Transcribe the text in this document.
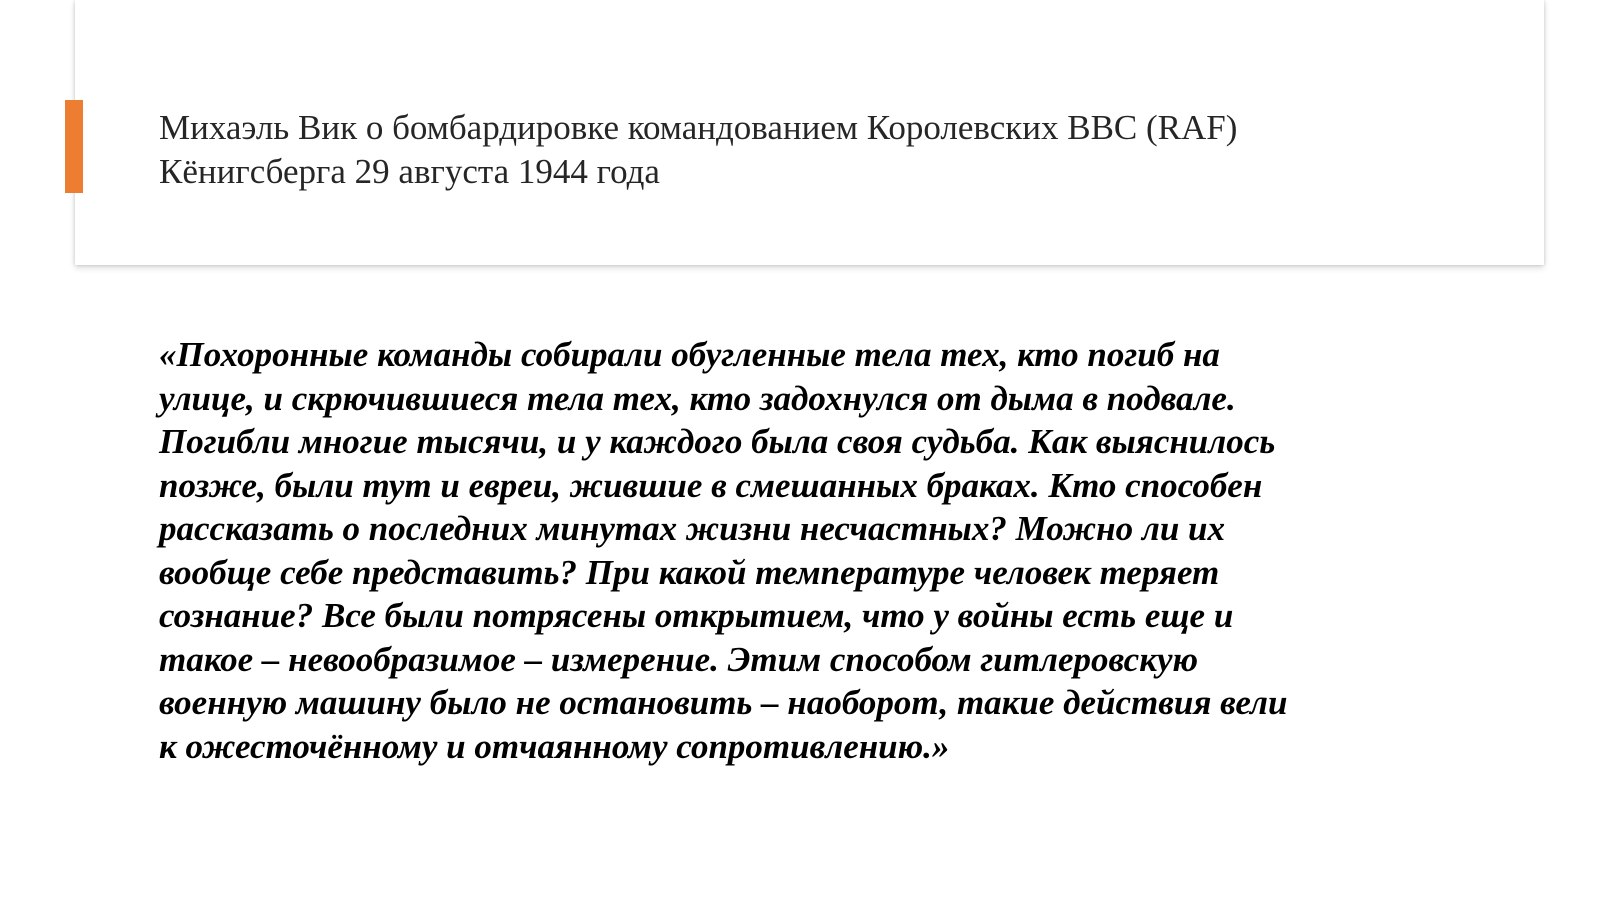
Михаэль Вик о бомбардировке командованием Королевских ВВС (RAF)
Кёнигсберга 29 августа 1944 года

«Похоронные команды собирали обугленные тела тех, кто погиб на
улице, и скрючившиеся тела тех, кто задохнулся от дыма в подвале.
Погибли многие тысячи, и у каждого была своя судьба. Как выяснилось
позже, были тут и евреи, жившие в смешанных браках. Кто способен
рассказать о последних минутах жизни несчастных? Можно ли их
вообще себе представить? При какой температуре человек теряет
сознание? Все были потрясены открытием, что у войны есть еще и
такое – невообразимое – измерение. Этим способом гитлеровскую
военную машину было не остановить – наоборот, такие действия вели
к ожесточённому и отчаянному сопротивлению.»
